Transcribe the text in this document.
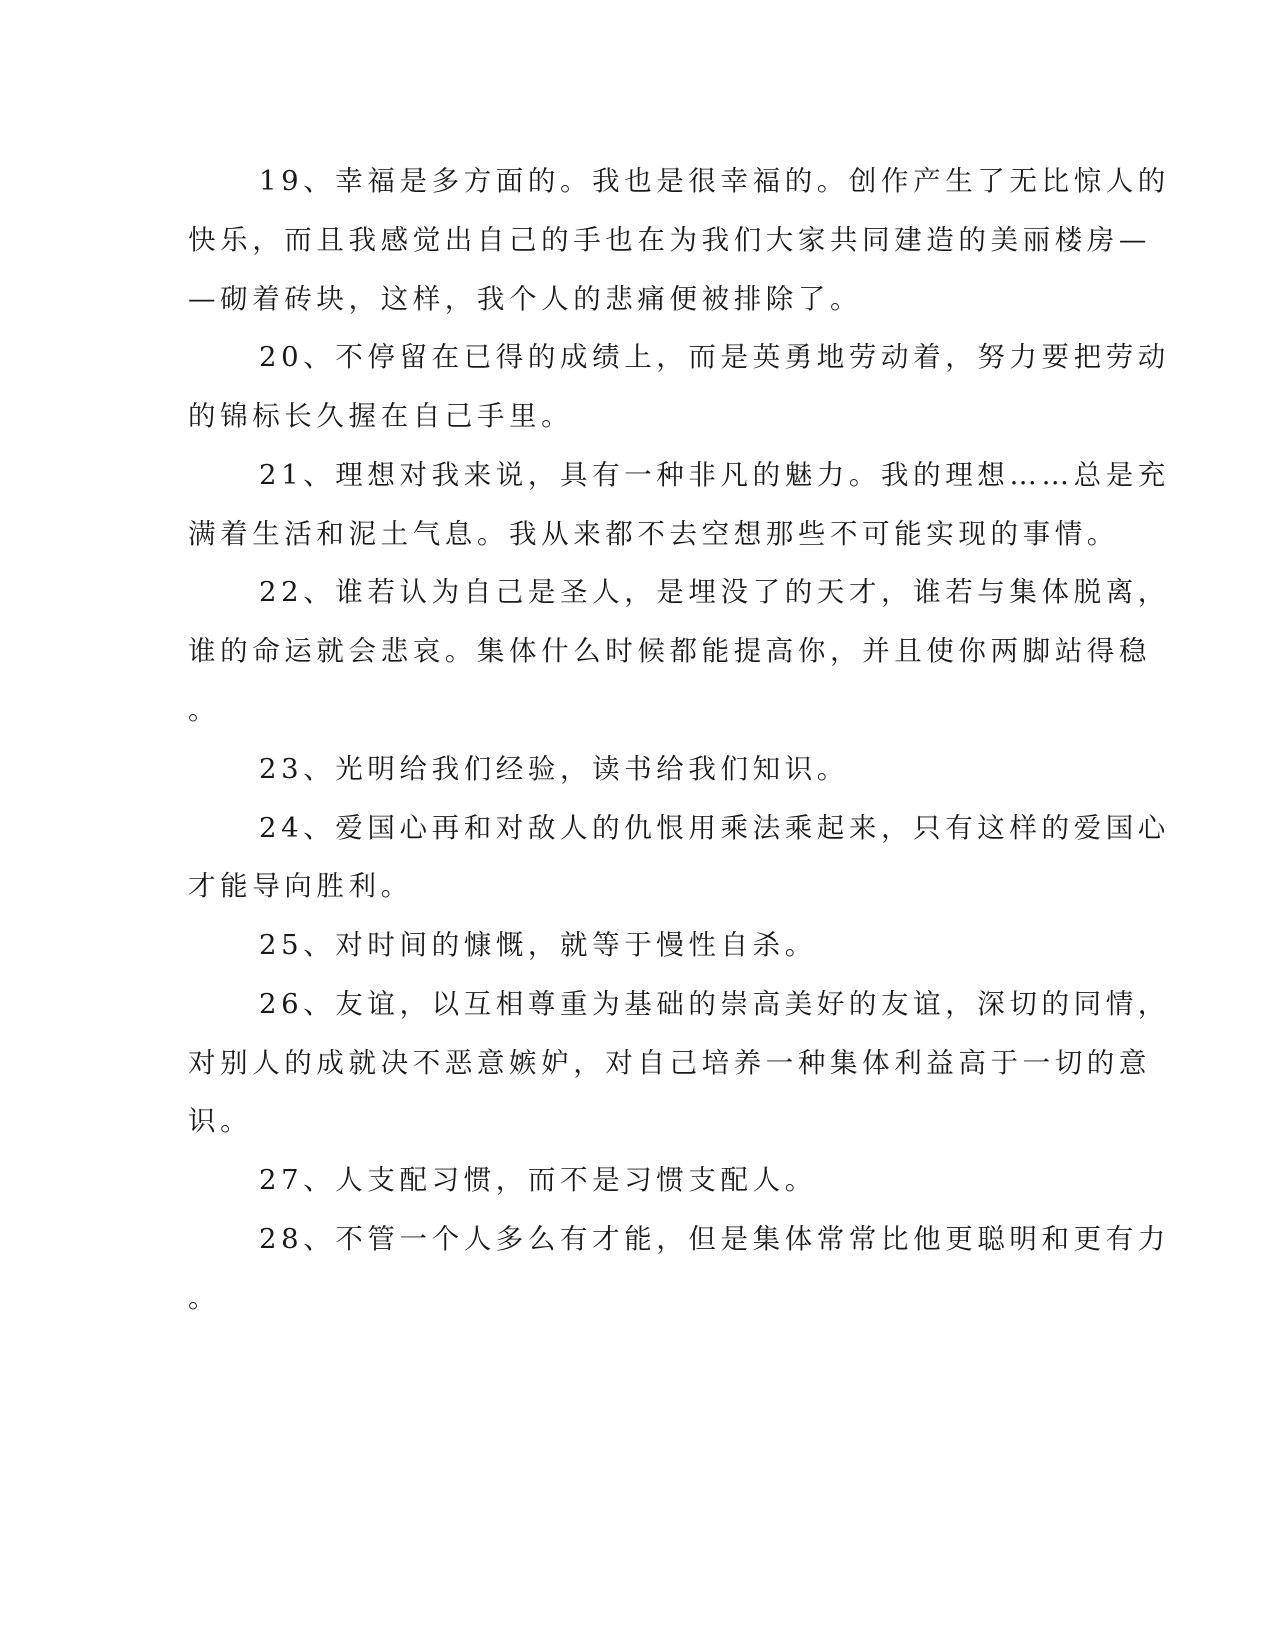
19、幸福是多方面的。我也是很幸福的。创作产生了无比惊人的
快乐，而且我感觉出自己的手也在为我们大家共同建造的美丽楼房—
—砌着砖块，这样，我个人的悲痛便被排除了。
20、不停留在已得的成绩上，而是英勇地劳动着，努力要把劳动
的锦标长久握在自己手里。
21、理想对我来说，具有一种非凡的魅力。我的理想……总是充
满着生活和泥土气息。我从来都不去空想那些不可能实现的事情。
22、谁若认为自己是圣人，是埋没了的天才，谁若与集体脱离，
谁的命运就会悲哀。集体什么时候都能提高你，并且使你两脚站得稳
。
23、光明给我们经验，读书给我们知识。
24、爱国心再和对敌人的仇恨用乘法乘起来，只有这样的爱国心
才能导向胜利。
25、对时间的慷慨，就等于慢性自杀。
26、友谊，以互相尊重为基础的崇高美好的友谊，深切的同情，
对别人的成就决不恶意嫉妒，对自己培养一种集体利益高于一切的意
识。
27、人支配习惯，而不是习惯支配人。
28、不管一个人多么有才能，但是集体常常比他更聪明和更有力
。
